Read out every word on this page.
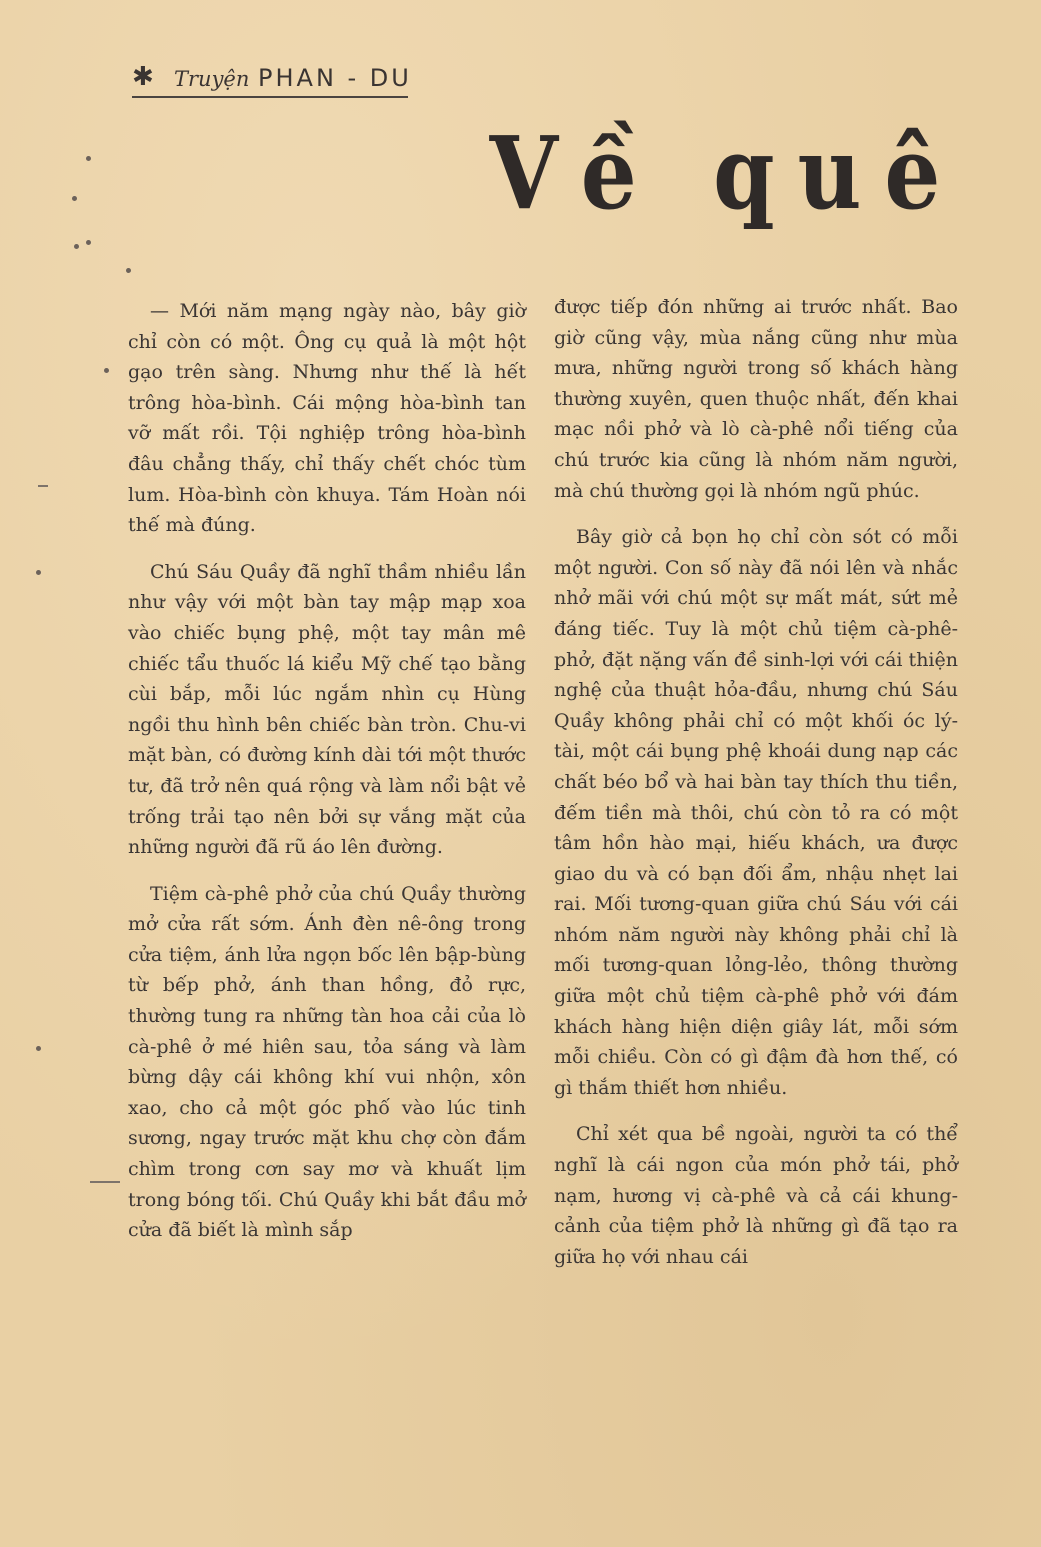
✱ Truyện PHAN - DU
Về quê

— Mới năm mạng ngày nào, bây giờ chỉ còn có một. Ông cụ quả là một hột gạo trên sàng. Nhưng như thế là hết trông hòa-bình. Cái mộng hòa-bình tan vỡ mất rồi. Tội nghiệp trông hòa-bình đâu chẳng thấy, chỉ thấy chết chóc tùm lum. Hòa-bình còn khuya. Tám Hoàn nói thế mà đúng.

Chú Sáu Quầy đã nghĩ thầm nhiều lần như vậy với một bàn tay mập mạp xoa vào chiếc bụng phệ, một tay mân mê chiếc tẩu thuốc lá kiểu Mỹ chế tạo bằng cùi bắp, mỗi lúc ngắm nhìn cụ Hùng ngồi thu hình bên chiếc bàn tròn. Chu-vi mặt bàn, có đường kính dài tới một thước tư, đã trở nên quá rộng và làm nổi bật vẻ trống trải tạo nên bởi sự vắng mặt của những người đã rũ áo lên đường.

Tiệm cà-phê phở của chú Quầy thường mở cửa rất sớm. Ánh đèn nê-ông trong cửa tiệm, ánh lửa ngọn bốc lên bập-bùng từ bếp phở, ánh than hồng, đỏ rực, thường tung ra những tàn hoa cải của lò cà-phê ở mé hiên sau, tỏa sáng và làm bừng dậy cái không khí vui nhộn, xôn xao, cho cả một góc phố vào lúc tinh sương, ngay trước mặt khu chợ còn đắm chìm trong cơn say mơ và khuất lịm trong bóng tối. Chú Quầy khi bắt đầu mở cửa đã biết là mình sắp

được tiếp đón những ai trước nhất. Bao giờ cũng vậy, mùa nắng cũng như mùa mưa, những người trong số khách hàng thường xuyên, quen thuộc nhất, đến khai mạc nồi phở và lò cà-phê nổi tiếng của chú trước kia cũng là nhóm năm người, mà chú thường gọi là nhóm ngũ phúc.

Bây giờ cả bọn họ chỉ còn sót có mỗi một người. Con số này đã nói lên và nhắc nhở mãi với chú một sự mất mát, sứt mẻ đáng tiếc. Tuy là một chủ tiệm cà-phê-phở, đặt nặng vấn đề sinh-lợi với cái thiện nghệ của thuật hỏa-đầu, nhưng chú Sáu Quầy không phải chỉ có một khối óc lý-tài, một cái bụng phệ khoái dung nạp các chất béo bổ và hai bàn tay thích thu tiền, đếm tiền mà thôi, chú còn tỏ ra có một tâm hồn hào mại, hiếu khách, ưa được giao du và có bạn đối ẩm, nhậu nhẹt lai rai. Mối tương-quan giữa chú Sáu với cái nhóm năm người này không phải chỉ là mối tương-quan lỏng-lẻo, thông thường giữa một chủ tiệm cà-phê phở với đám khách hàng hiện diện giây lát, mỗi sớm mỗi chiều. Còn có gì đậm đà hơn thế, có gì thắm thiết hơn nhiều.

Chỉ xét qua bề ngoài, người ta có thể nghĩ là cái ngon của món phở tái, phở nạm, hương vị cà-phê và cả cái khung-cảnh của tiệm phở là những gì đã tạo ra giữa họ với nhau cái
